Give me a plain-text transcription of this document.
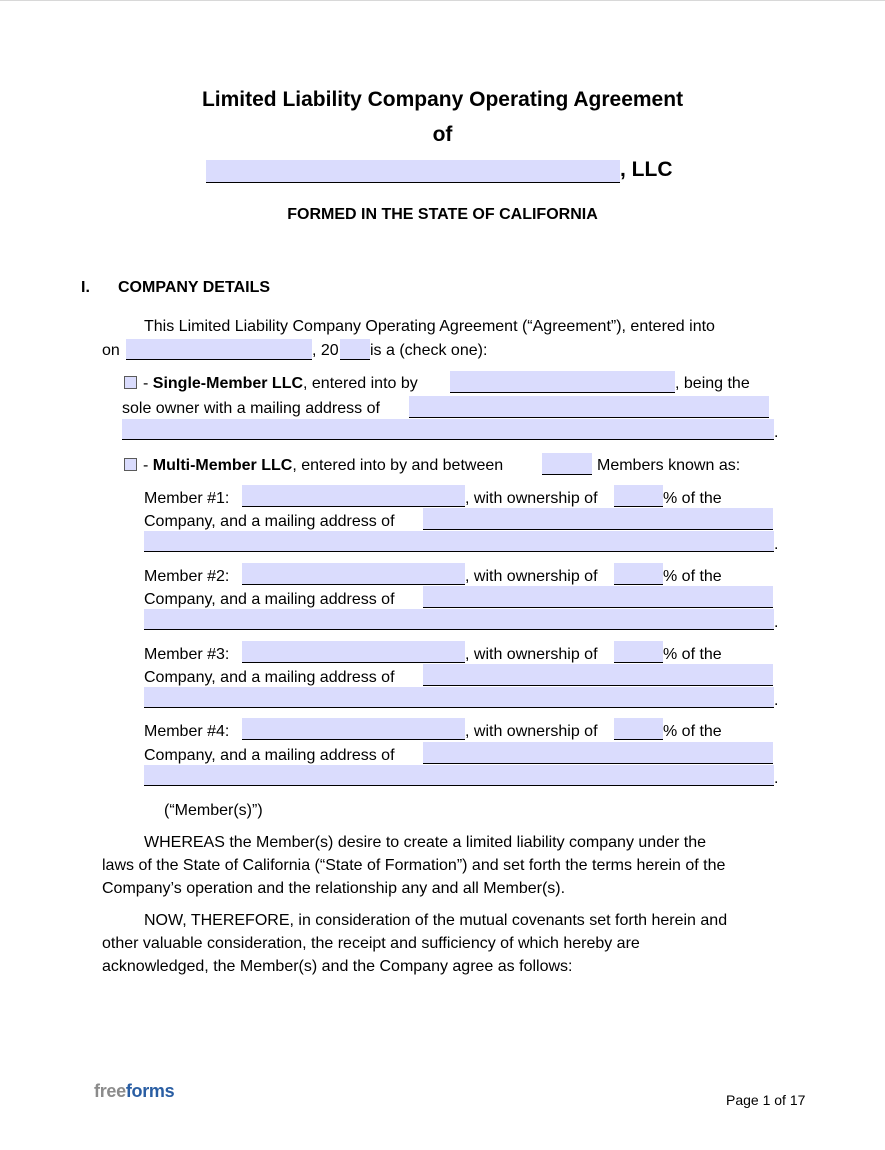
Limited Liability Company Operating Agreement
of
, LLC
FORMED IN THE STATE OF CALIFORNIA
I. COMPANY DETAILS
This Limited Liability Company Operating Agreement (“Agreement”), entered into
on	, 20 is a (check one):
- Single-Member LLC, entered into by	, being the
sole owner with a mailing address of
.
- Multi-Member LLC, entered into by and between	Members known as:
Member #1:	, with ownership of	% of the
Company, and a mailing address of
.
Member #2:	, with ownership of	% of the
Company, and a mailing address of
.
Member #3:	, with ownership of	% of the
Company, and a mailing address of
.
Member #4:	, with ownership of	% of the
Company, and a mailing address of
.
(“Member(s)”)
WHEREAS the Member(s) desire to create a limited liability company under the
laws of the State of California (“State of Formation”) and set forth the terms herein of the
Company’s operation and the relationship any and all Member(s).
NOW, THEREFORE, in consideration of the mutual covenants set forth herein and
other valuable consideration, the receipt and sufficiency of which hereby are
acknowledged, the Member(s) and the Company agree as follows:
freeforms	Page 1 of 17
